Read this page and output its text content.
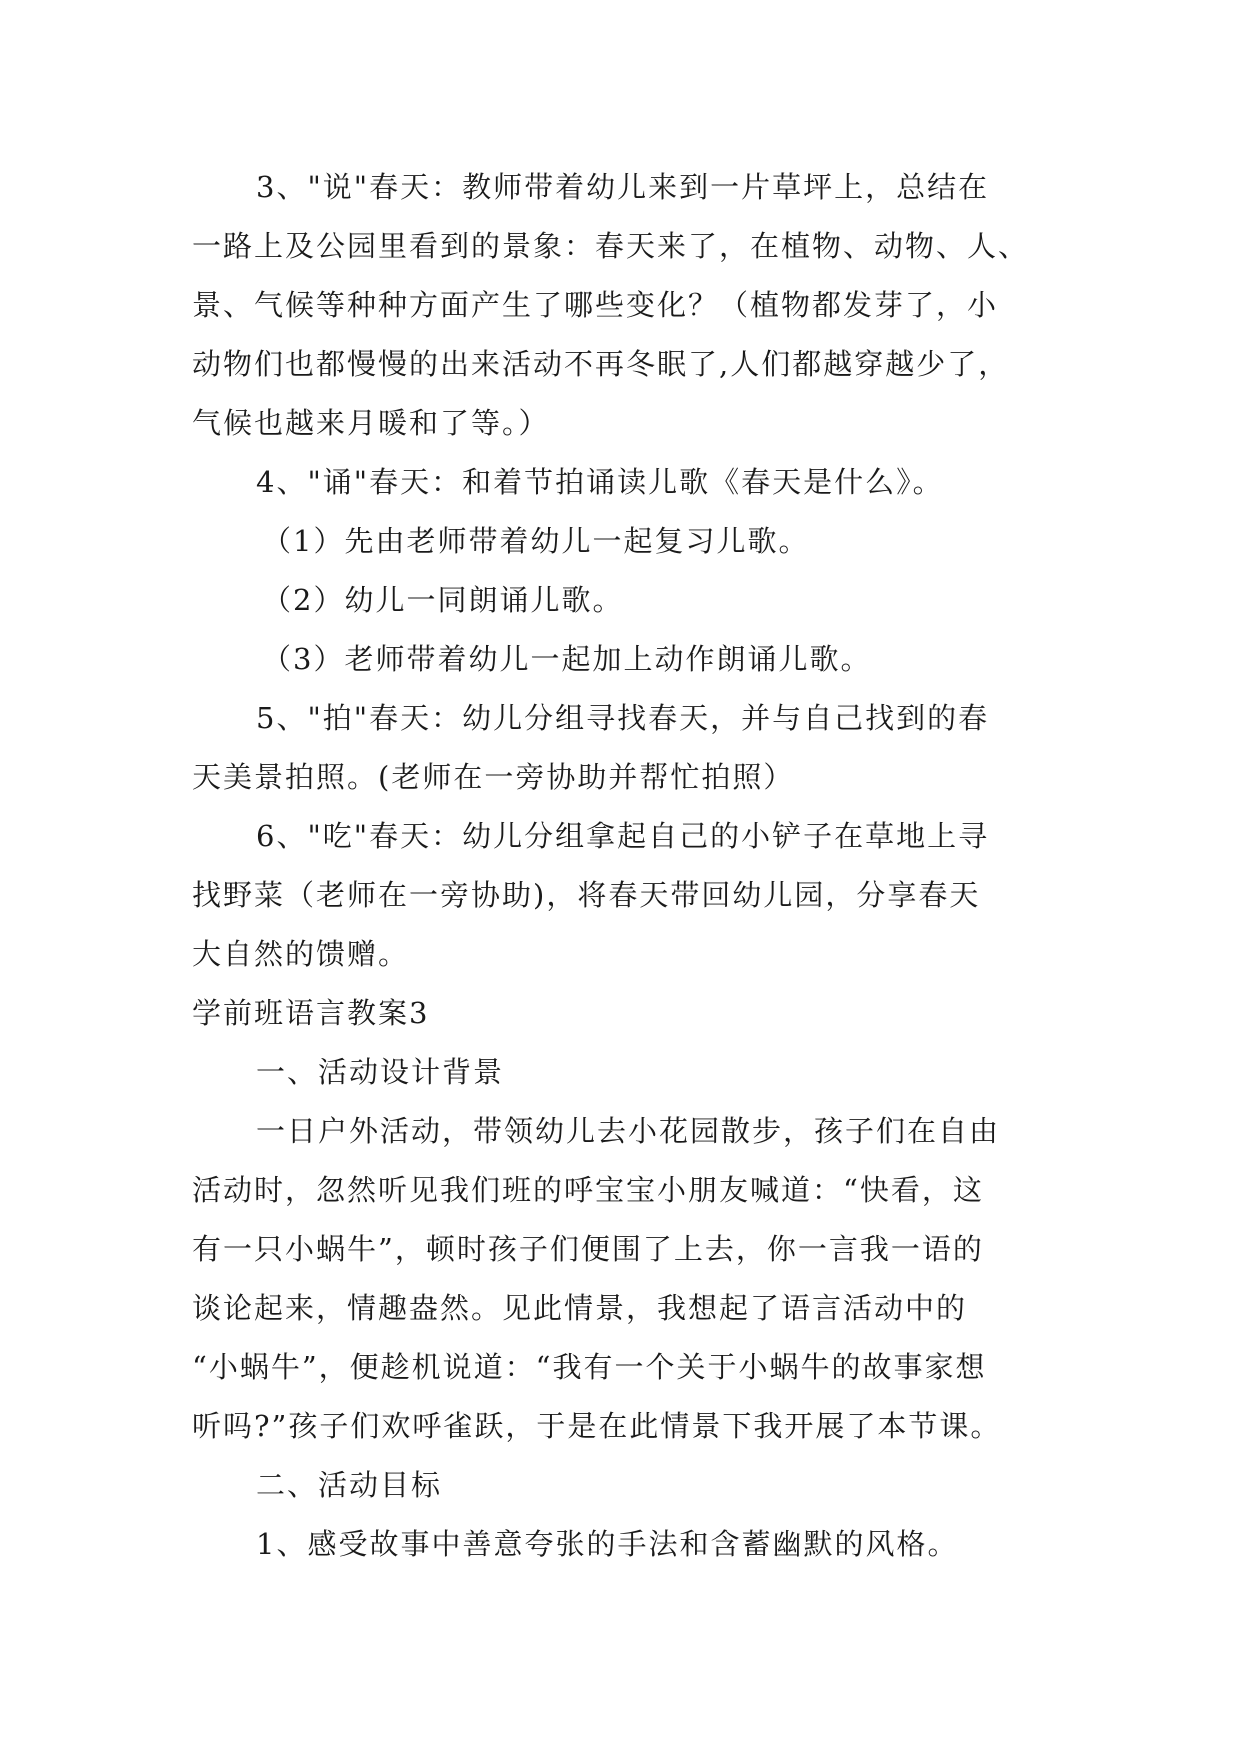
3、"说"春天：教师带着幼儿来到一片草坪上，总结在
一路上及公园里看到的景象：春天来了，在植物、动物、人、
景、气候等种种方面产生了哪些变化？（植物都发芽了，小
动物们也都慢慢的出来活动不再冬眠了,人们都越穿越少了，
气候也越来月暖和了等。）
4、"诵"春天：和着节拍诵读儿歌《春天是什么》。
（1）先由老师带着幼儿一起复习儿歌。
（2）幼儿一同朗诵儿歌。
（3）老师带着幼儿一起加上动作朗诵儿歌。
5、"拍"春天：幼儿分组寻找春天，并与自己找到的春
天美景拍照。(老师在一旁协助并帮忙拍照）
6、"吃"春天：幼儿分组拿起自己的小铲子在草地上寻
找野菜（老师在一旁协助)，将春天带回幼儿园，分享春天
大自然的馈赠。
学前班语言教案3
一、活动设计背景
一日户外活动，带领幼儿去小花园散步，孩子们在自由
活动时，忽然听见我们班的呼宝宝小朋友喊道：“快看，这
有一只小蜗牛”，顿时孩子们便围了上去，你一言我一语的
谈论起来，情趣盎然。见此情景，我想起了语言活动中的
“小蜗牛”，便趁机说道：“我有一个关于小蜗牛的故事家想
听吗?”孩子们欢呼雀跃，于是在此情景下我开展了本节课。
二、活动目标
1、感受故事中善意夸张的手法和含蓄幽默的风格。
